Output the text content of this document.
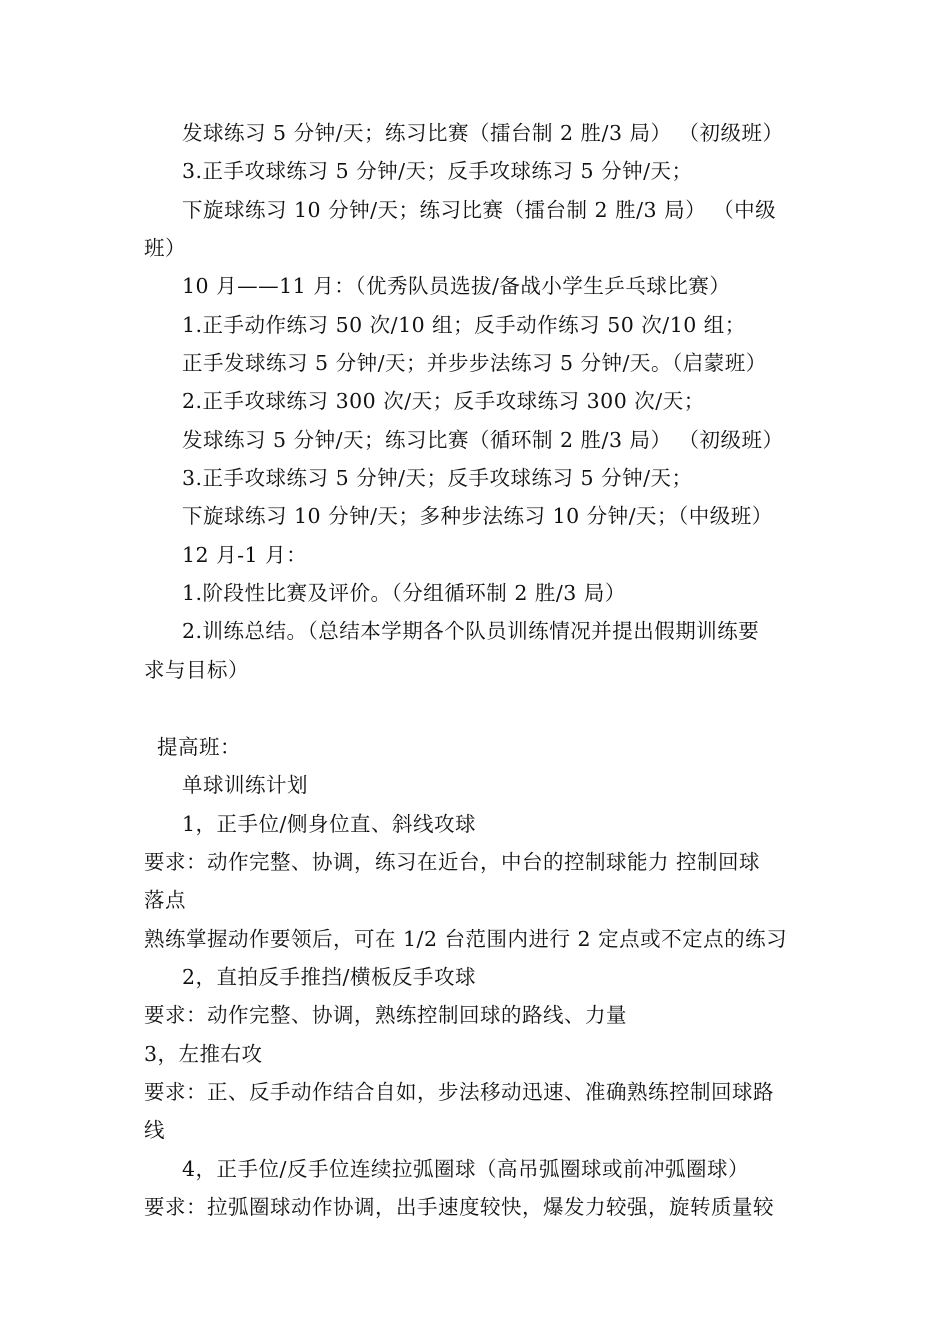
发球练习 5 分钟/天；练习比赛（擂台制 2 胜/3 局） （初级班）
3.正手攻球练习 5 分钟/天；反手攻球练习 5 分钟/天；
下旋球练习 10 分钟/天；练习比赛（擂台制 2 胜/3 局） （中级
班）
10 月——11 月：（优秀队员选拔/备战小学生乒乓球比赛）
1.正手动作练习 50 次/10 组；反手动作练习 50 次/10 组；
正手发球练习 5 分钟/天；并步步法练习 5 分钟/天。（启蒙班）
2.正手攻球练习 300 次/天；反手攻球练习 300 次/天；
发球练习 5 分钟/天；练习比赛（循环制 2 胜/3 局） （初级班）
3.正手攻球练习 5 分钟/天；反手攻球练习 5 分钟/天；
下旋球练习 10 分钟/天；多种步法练习 10 分钟/天；（中级班）
12 月-1 月：
1.阶段性比赛及评价。（分组循环制 2 胜/3 局）
2.训练总结。（总结本学期各个队员训练情况并提出假期训练要
求与目标）
提高班：
单球训练计划
1，正手位/侧身位直、斜线攻球
要求：动作完整、协调，练习在近台，中台的控制球能力 控制回球
落点
熟练掌握动作要领后，可在 1/2 台范围内进行 2 定点或不定点的练习
2，直拍反手推挡/横板反手攻球
要求：动作完整、协调，熟练控制回球的路线、力量
3，左推右攻
要求：正、反手动作结合自如，步法移动迅速、准确熟练控制回球路
线
4，正手位/反手位连续拉弧圈球（高吊弧圈球或前冲弧圈球）
要求：拉弧圈球动作协调，出手速度较快，爆发力较强，旋转质量较
